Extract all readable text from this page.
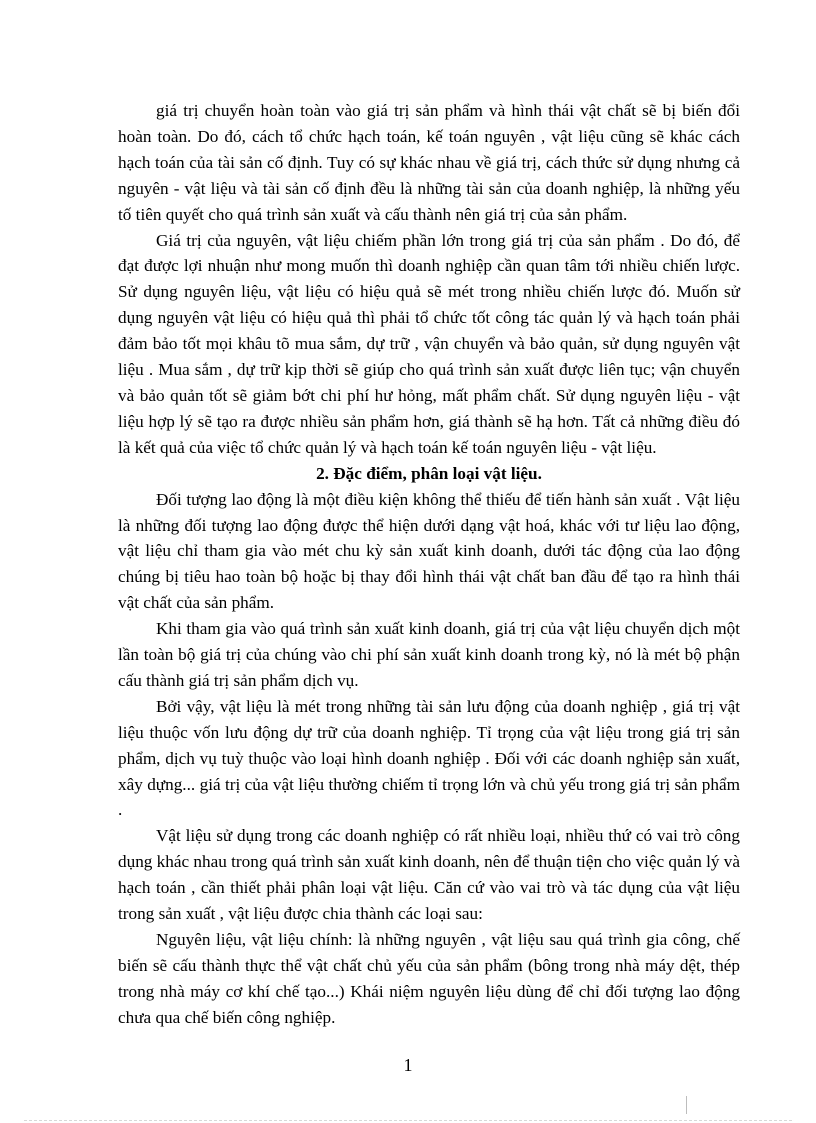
giá trị chuyển hoàn toàn vào giá trị sản phẩm và hình thái vật chất sẽ bị biến đổi hoàn toàn. Do đó, cách tổ chức hạch toán, kế toán nguyên , vật liệu cũng sẽ khác cách hạch toán của tài sản cố định. Tuy có sự khác nhau về giá trị, cách thức sử dụng nhưng cả nguyên - vật liệu và tài sản cố định đều là những tài sản của doanh nghiệp, là những yếu tố tiên quyết cho quá trình sản xuất và cấu thành nên giá trị của sản phẩm.

Giá trị của nguyên, vật liệu chiếm phần lớn trong giá trị của sản phẩm . Do đó, để đạt được lợi nhuận như mong muốn thì doanh nghiệp cần quan tâm tới nhiều chiến lược. Sử dụng nguyên liệu, vật liệu có hiệu quả sẽ mét trong nhiều chiến lược đó. Muốn sử dụng nguyên vật liệu có hiệu quả thì phải tổ chức tốt công tác quản lý và hạch toán phải đảm bảo tốt mọi khâu tõ mua sắm, dự trữ , vận chuyển và bảo quản, sử dụng nguyên vật liệu . Mua sắm , dự trữ kịp thời sẽ giúp cho quá trình sản xuất được liên tục; vận chuyển và bảo quản tốt sẽ giảm bớt chi phí hư hỏng, mất phẩm chất. Sử dụng nguyên liệu - vật liệu hợp lý sẽ tạo ra được nhiều sản phẩm hơn, giá thành sẽ hạ hơn. Tất cả những điều đó là kết quả của việc tổ chức quản lý và hạch toán kế toán nguyên liệu - vật liệu.

2. Đặc điểm, phân loại vật liệu.

Đối tượng lao động là một điều kiện không thể thiếu để tiến hành sản xuất . Vật liệu là những đối tượng lao động được thể hiện dưới dạng vật hoá, khác với tư liệu lao động, vật liệu chỉ tham gia vào mét chu kỳ sản xuất kinh doanh, dưới tác động của lao động chúng bị tiêu hao toàn bộ hoặc bị thay đổi hình thái vật chất ban đầu để tạo ra hình thái vật chất của sản phẩm.

Khi tham gia vào quá trình sản xuất kinh doanh, giá trị của vật liệu chuyển dịch một lần toàn bộ giá trị của chúng vào chi phí sản xuất kinh doanh trong kỳ, nó là mét bộ phận cấu thành giá trị sản phẩm dịch vụ.

Bởi vậy, vật liệu là mét trong những tài sản lưu động của doanh nghiệp , giá trị vật liệu thuộc vốn lưu động dự trữ của doanh nghiệp. Tỉ trọng của vật liệu trong giá trị sản phẩm, dịch vụ tuỳ thuộc vào loại hình doanh nghiệp . Đối với các doanh nghiệp sản xuất, xây dựng... giá trị của vật liệu thường chiếm tỉ trọng lớn và chủ yếu trong giá trị sản phẩm .

Vật liệu sử dụng trong các doanh nghiệp có rất nhiều loại, nhiều thứ có vai trò công dụng khác nhau trong quá trình sản xuất kinh doanh, nên để thuận tiện cho việc quản lý và hạch toán , cần thiết phải phân loại vật liệu. Căn cứ vào vai trò và tác dụng của vật liệu trong sản xuất , vật liệu được chia thành các loại sau:

Nguyên liệu, vật liệu chính: là những nguyên , vật liệu sau quá trình gia công, chế biến sẽ cấu thành thực thể vật chất chủ yếu của sản phẩm (bông trong nhà máy dệt, thép trong nhà máy cơ khí chế tạo...) Khái niệm nguyên liệu dùng để chỉ đối tượng lao động chưa qua chế biến công nghiệp.

1
